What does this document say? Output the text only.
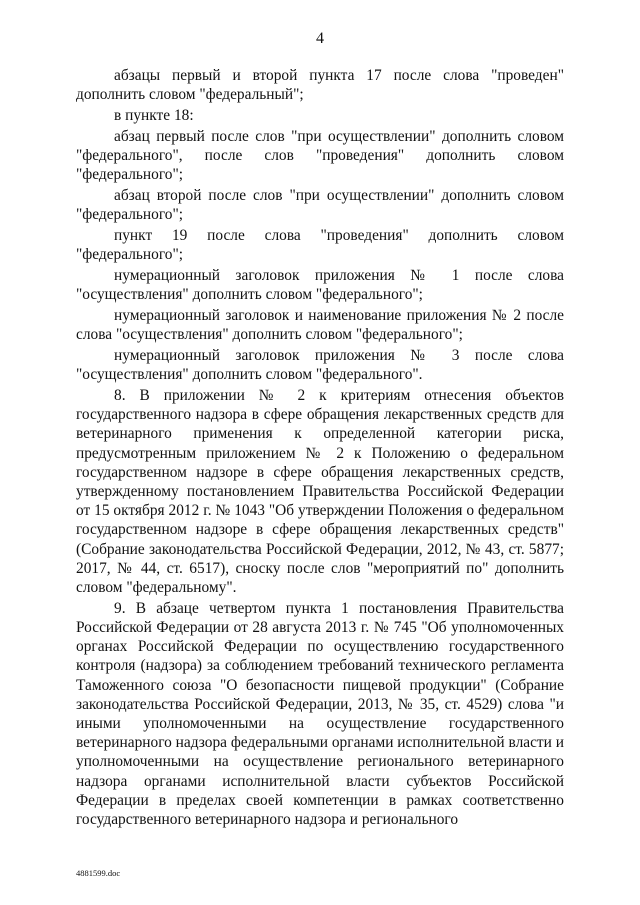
4

абзацы первый и второй пункта 17 после слова "проведен" дополнить словом "федеральный";

в пункте 18:

абзац первый после слов "при осуществлении" дополнить словом "федерального", после слов "проведения" дополнить словом "федерального";

абзац второй после слов "при осуществлении" дополнить словом "федерального";

пункт 19 после слова "проведения" дополнить словом "федерального";

нумерационный заголовок приложения № 1 после слова "осуществления" дополнить словом "федерального";

нумерационный заголовок и наименование приложения № 2 после слова "осуществления" дополнить словом "федерального";

нумерационный заголовок приложения № 3 после слова "осуществления" дополнить словом "федерального".

8. В приложении № 2 к критериям отнесения объектов государственного надзора в сфере обращения лекарственных средств для ветеринарного применения к определенной категории риска, предусмотренным приложением № 2 к Положению о федеральном государственном надзоре в сфере обращения лекарственных средств, утвержденному постановлением Правительства Российской Федерации от 15 октября 2012 г. № 1043 "Об утверждении Положения о федеральном государственном надзоре в сфере обращения лекарственных средств" (Собрание законодательства Российской Федерации, 2012, № 43, ст. 5877; 2017, № 44, ст. 6517), сноску после слов "мероприятий по" дополнить словом "федеральному".

9. В абзаце четвертом пункта 1 постановления Правительства Российской Федерации от 28 августа 2013 г. № 745 "Об уполномоченных органах Российской Федерации по осуществлению государственного контроля (надзора) за соблюдением требований технического регламента Таможенного союза "О безопасности пищевой продукции" (Собрание законодательства Российской Федерации, 2013, № 35, ст. 4529) слова "и иными уполномоченными на осуществление государственного ветеринарного надзора федеральными органами исполнительной власти и уполномоченными на осуществление регионального ветеринарного надзора органами исполнительной власти субъектов Российской Федерации в пределах своей компетенции в рамках соответственно государственного ветеринарного надзора и регионального

4881599.doc
